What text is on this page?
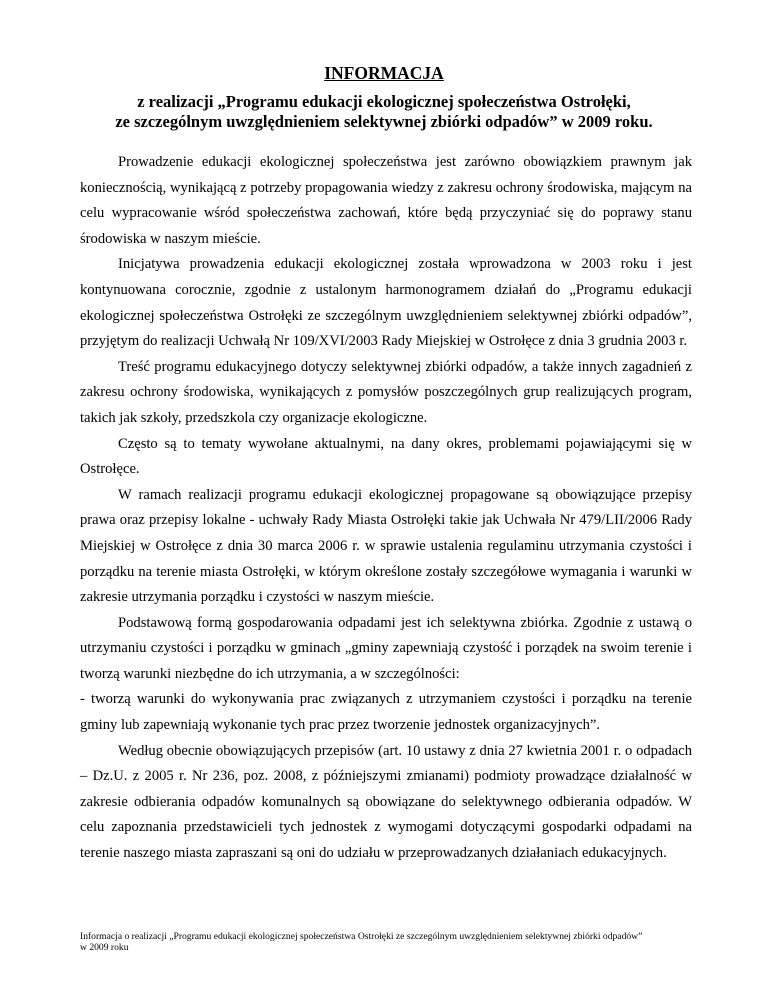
INFORMACJA
z realizacji „Programu edukacji ekologicznej społeczeństwa Ostrołęki,
ze szczególnym uwzględnieniem selektywnej zbiórki odpadów” w 2009 roku.

Prowadzenie edukacji ekologicznej społeczeństwa jest zarówno obowiązkiem prawnym jak koniecznością, wynikającą z potrzeby propagowania wiedzy z zakresu ochrony środowiska, mającym na celu wypracowanie wśród społeczeństwa zachowań, które będą przyczyniać się do poprawy stanu środowiska w naszym mieście.

Inicjatywa prowadzenia edukacji ekologicznej została wprowadzona w 2003 roku i jest kontynuowana corocznie, zgodnie z ustalonym harmonogramem działań do „Programu edukacji ekologicznej społeczeństwa Ostrołęki ze szczególnym uwzględnieniem selektywnej zbiórki odpadów”, przyjętym do realizacji Uchwałą Nr 109/XVI/2003 Rady Miejskiej w Ostrołęce z dnia 3 grudnia 2003 r.

Treść programu edukacyjnego dotyczy selektywnej zbiórki odpadów, a także innych zagadnień z zakresu ochrony środowiska, wynikających z pomysłów poszczególnych grup realizujących program, takich jak szkoły, przedszkola czy organizacje ekologiczne.

Często są to tematy wywołane aktualnymi, na dany okres, problemami pojawiającymi się w Ostrołęce.

W ramach realizacji programu edukacji ekologicznej propagowane są obowiązujące przepisy prawa oraz przepisy lokalne - uchwały Rady Miasta Ostrołęki takie jak Uchwała Nr 479/LII/2006 Rady Miejskiej w Ostrołęce z dnia 30 marca 2006 r. w sprawie ustalenia regulaminu utrzymania czystości i porządku na terenie miasta Ostrołęki, w którym określone zostały szczegółowe wymagania i warunki w zakresie utrzymania porządku i czystości w naszym mieście.

Podstawową formą gospodarowania odpadami jest ich selektywna zbiórka. Zgodnie z ustawą o utrzymaniu czystości i porządku w gminach „gminy zapewniają czystość i porządek na swoim terenie i tworzą warunki niezbędne do ich utrzymania, a w szczególności:

- tworzą warunki do wykonywania prac związanych z utrzymaniem czystości i porządku na terenie gminy lub zapewniają wykonanie tych prac przez tworzenie jednostek organizacyjnych”.

Według obecnie obowiązujących przepisów (art. 10 ustawy z dnia 27 kwietnia 2001 r. o odpadach – Dz.U. z 2005 r. Nr 236, poz. 2008, z późniejszymi zmianami) podmioty prowadzące działalność w zakresie odbierania odpadów komunalnych są obowiązane do selektywnego odbierania odpadów. W celu zapoznania przedstawicieli tych jednostek z wymogami dotyczącymi gospodarki odpadami na terenie naszego miasta zapraszani są oni do udziału w przeprowadzanych działaniach edukacyjnych.

Informacja o realizacji „Programu edukacji ekologicznej społeczeństwa Ostrołęki ze szczególnym uwzględnieniem selektywnej zbiórki odpadów”
w 2009 roku
